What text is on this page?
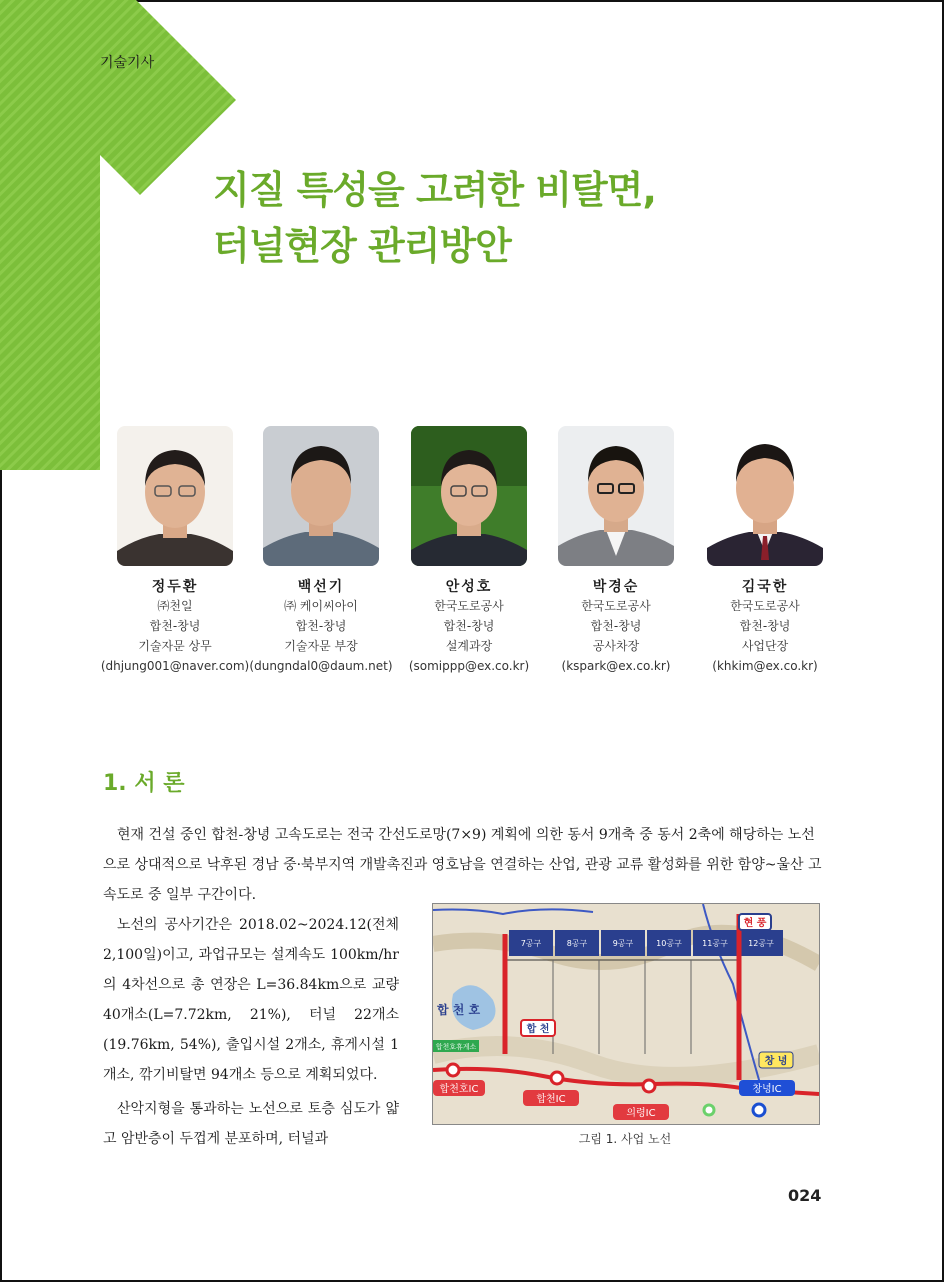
기술기사
지질 특성을 고려한 비탈면,
터널현장 관리방안
정두환
㈜천일
합천-창녕
기술자문 상무
(dhjung001@naver.com)
백선기
㈜ 케이씨아이
합천-창녕
기술자문 부장
(dungndal0@daum.net)
안성호
한국도로공사
합천-창녕
설계과장
(somippp@ex.co.kr)
박경순
한국도로공사
합천-창녕
공사차장
(kspark@ex.co.kr)
김국한
한국도로공사
합천-창녕
사업단장
(khkim@ex.co.kr)
1. 서 론
현재 건설 중인 합천-창녕 고속도로는 전국 간선도로망(7×9) 계획에 의한 동서 9개축 중 동서 2축에 해당하는 노선으로 상대적으로 낙후된 경남 중·북부지역 개발촉진과 영호남을 연결하는 산업, 관광 교류 활성화를 위한 함양~울산 고속도로 중 일부 구간이다.
노선의 공사기간은 2018.02~2024.12(전체 2,100일)이고, 과업규모는 설계속도 100km/hr의 4차선으로 총 연장은 L=36.84km으로 교량 40개소(L=7.72km, 21%), 터널 22개소(19.76km, 54%), 출입시설 2개소, 휴게시설 1개소, 깎기비탈면 94개소 등으로 계획되었다.
산악지형을 통과하는 노선으로 토층 심도가 얇고 암반층이 두껍게 분포하며, 터널과
7공구	8공구	9공구	10공구	11공구	12공구
합 천 호
합 천
합천호휴게소
현 풍
창 녕
합천호IC
합천IC
의령IC
창녕IC
그림 1. 사업 노선
024
